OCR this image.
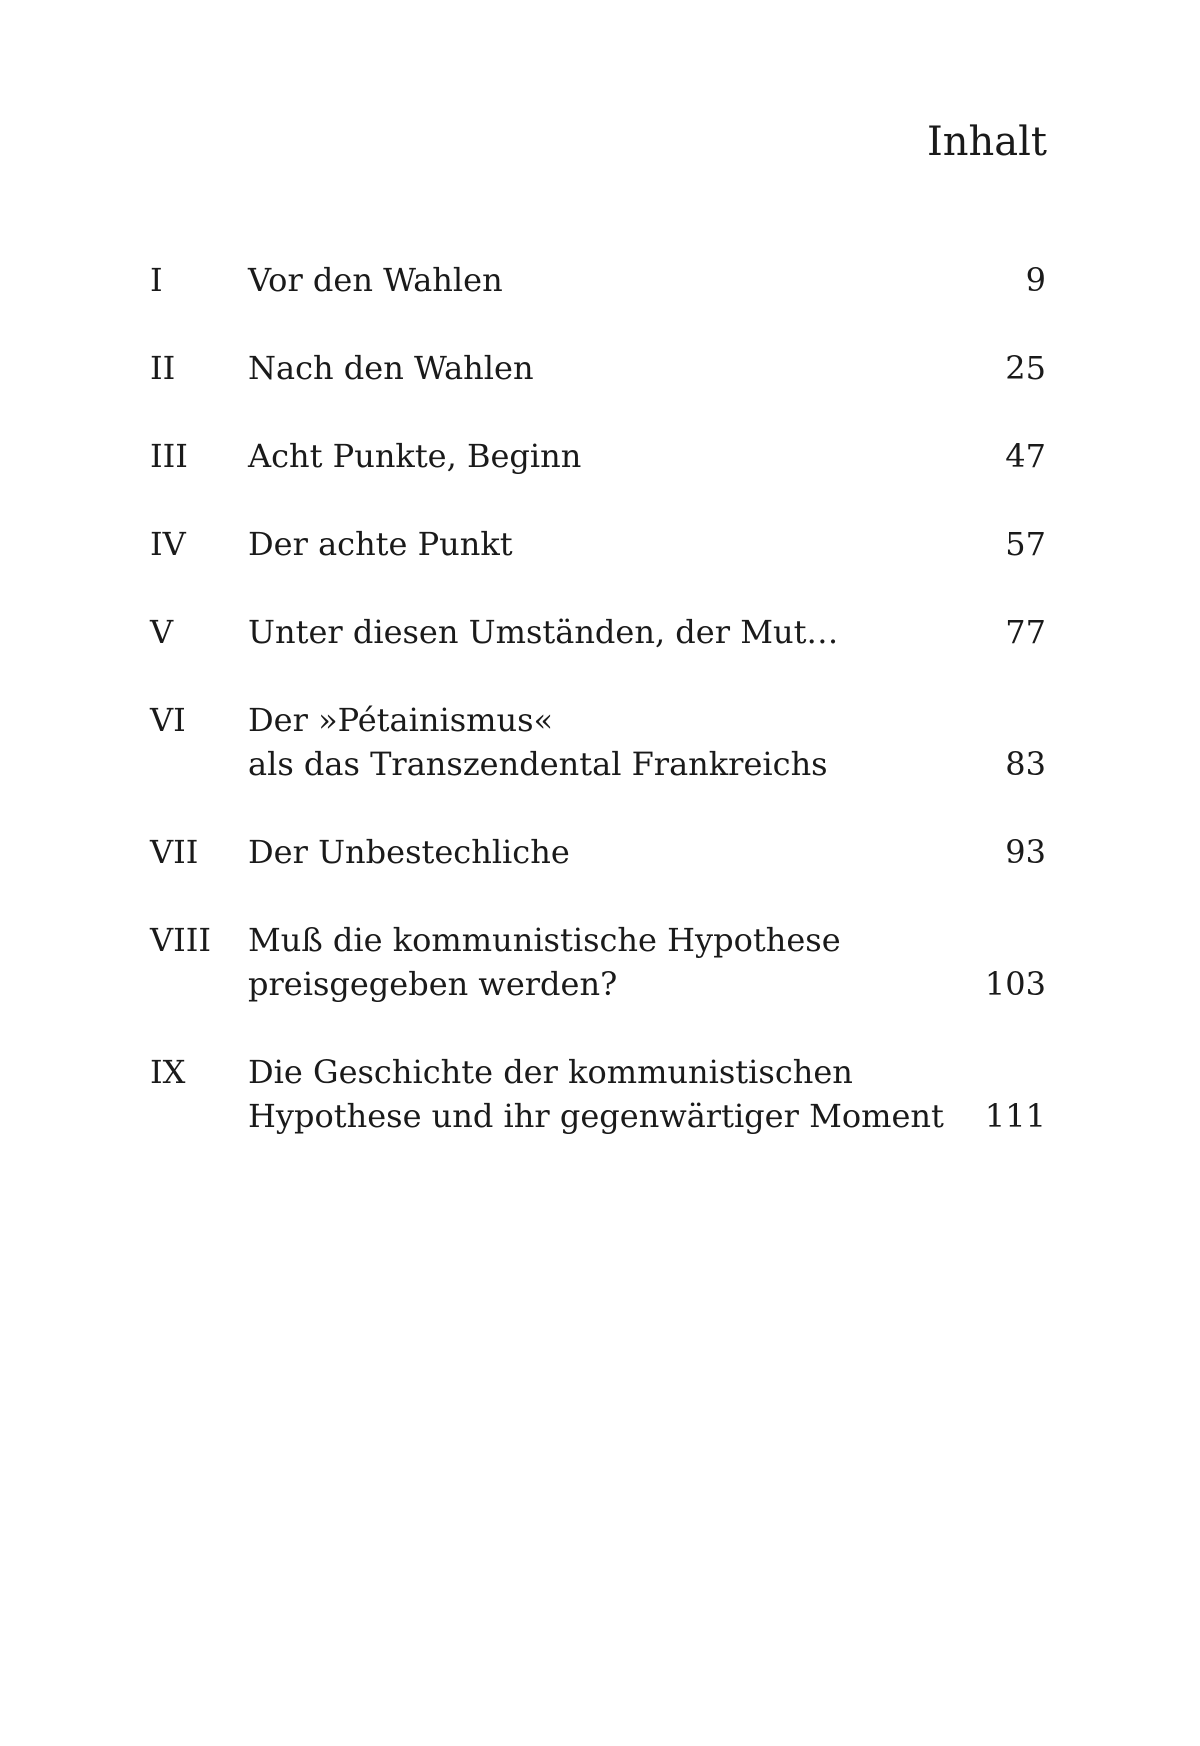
Inhalt
I	Vor den Wahlen	9
II	Nach den Wahlen	25
III	Acht Punkte, Beginn	47
IV	Der achte Punkt	57
V	Unter diesen Umständen, der Mut…	77
VI	Der »Pétainismus«
als das Transzendental Frankreichs	83
VII	Der Unbestechliche	93
VIII	Muß die kommunistische Hypothese
preisgegeben werden?	103
IX	Die Geschichte der kommunistischen
Hypothese und ihr gegenwärtiger Moment	111
